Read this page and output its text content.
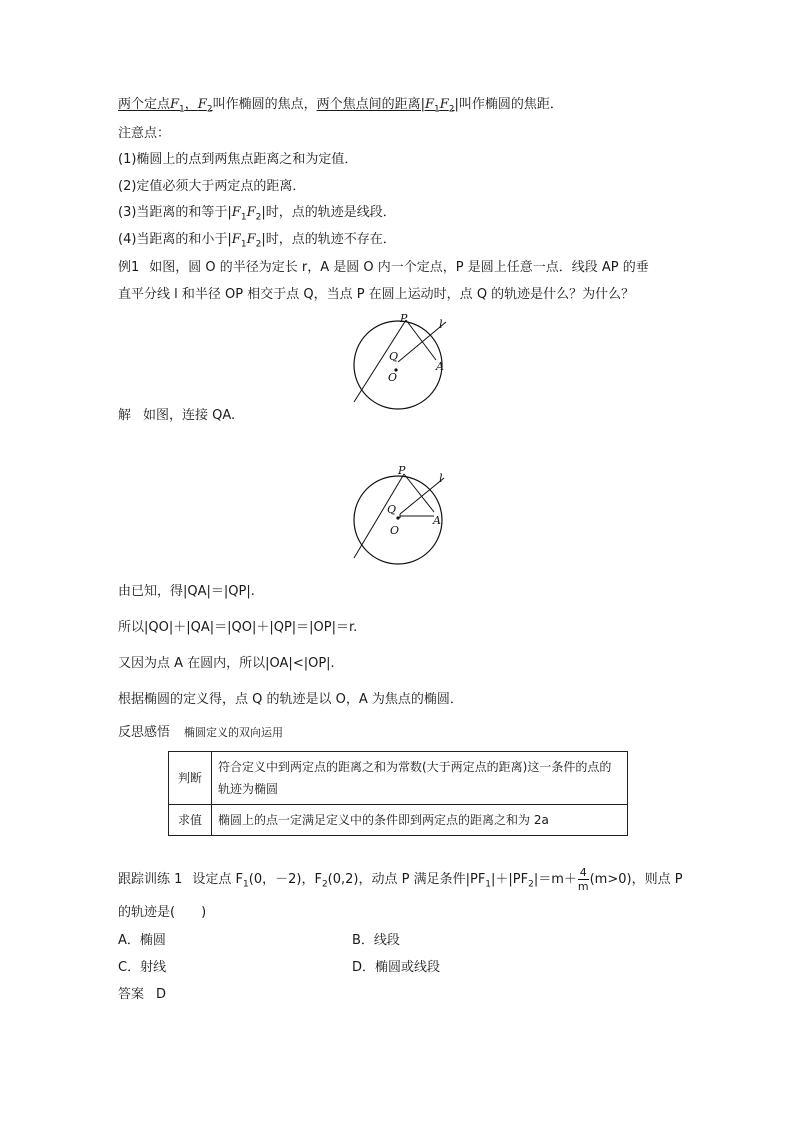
两个定点$F_1$，$F_2$叫作椭圆的焦点，两个焦点间的距离$|F_1F_2|$叫作椭圆的焦距．
注意点：
(1)椭圆上的点到两焦点距离之和为定值．
(2)定值必须大于两定点的距离．
(3)当距离的和等于$|F_1F_2|$时，点的轨迹是线段．
(4)当距离的和小于$|F_1F_2|$时，点的轨迹不存在．
例1 如图，圆 O 的半径为定长 r，A 是圆 O 内一个定点，P 是圆上任意一点．线段 AP 的垂
直平分线 l 和半径 OP 相交于点 Q，当点 P 在圆上运动时，点 Q 的轨迹是什么？为什么？
P	l
Q
O
A
解 如图，连接 QA.
P
l
Q
O
A
由已知，得|QA|＝|QP|.
所以|QO|＋|QA|＝|QO|＋|QP|＝|OP|＝r.
又因为点 A 在圆内，所以|OA|<|OP|.
根据椭圆的定义得，点 Q 的轨迹是以 O，A 为焦点的椭圆．
反思感悟 椭圆定义的双向运用
判断	符合定义中到两定点的距离之和为常数(大于两定点的距离)这一条件的点的轨迹为椭圆
求值	椭圆上的点一定满足定义中的条件即到两定点的距离之和为 2a
跟踪训练 1 设定点 $F_1(0$，－2)，$F_2(0,2)$，动点 P 满足条件$|PF_1|+|PF_2|=m+ \frac{4}{m} (m>0)$，则点 P
的轨迹是(　　)
A．椭圆	B．线段
C．射线	D．椭圆或线段
答案 D
